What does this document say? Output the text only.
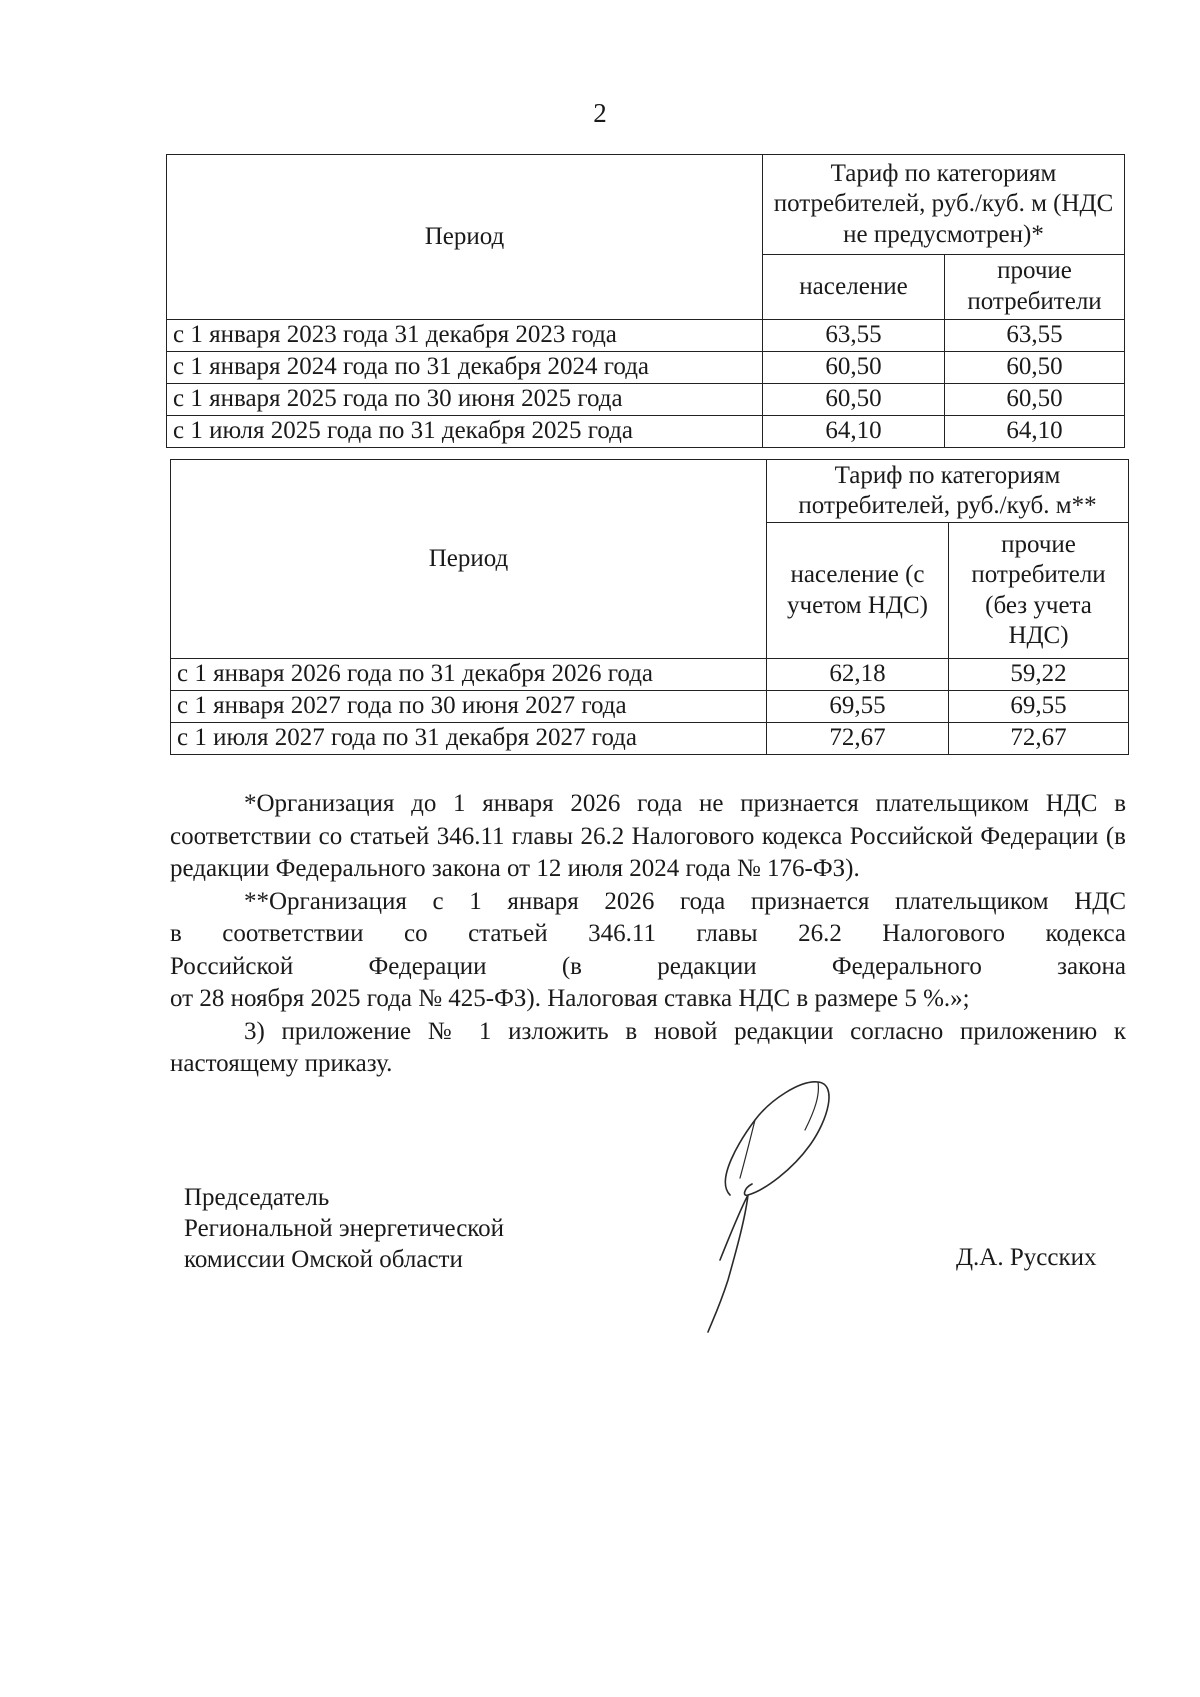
2
Период	Тариф по категориям потребителей, руб./куб. м (НДС не предусмотрен)*	
	население	прочие потребители
с 1 января 2023 года 31 декабря 2023 года	63,55	63,55
с 1 января 2024 года по 31 декабря 2024 года	60,50	60,50
с 1 января 2025 года по 30 июня 2025 года	60,50	60,50
с 1 июля 2025 года по 31 декабря 2025 года	64,10	64,10
Период	Тариф по категориям потребителей, руб./куб. м**	
	население (с учетом НДС)	прочие потребители (без учета НДС)
с 1 января 2026 года по 31 декабря 2026 года	62,18	59,22
с 1 января 2027 года по 30 июня 2027 года	69,55	69,55
с 1 июля 2027 года по 31 декабря 2027 года	72,67	72,67

*Организация до 1 января 2026 года не признается плательщиком НДС в соответствии со статьей 346.11 главы 26.2 Налогового кодекса Российской Федерации (в редакции Федерального закона от 12 июля 2024 года № 176-ФЗ).

**Организация с 1 января 2026 года признается плательщиком НДС

в соответствии со статьей 346.11 главы 26.2 Налогового кодекса

Российской Федерации (в редакции Федерального закона

от 28 ноября 2025 года № 425-ФЗ). Налоговая ставка НДС в размере 5 %.»;

3) приложение № 1 изложить в новой редакции согласно приложению к настоящему приказу.

Председатель
Региональной энергетической
комиссии Омской области	Д.А. Русских
